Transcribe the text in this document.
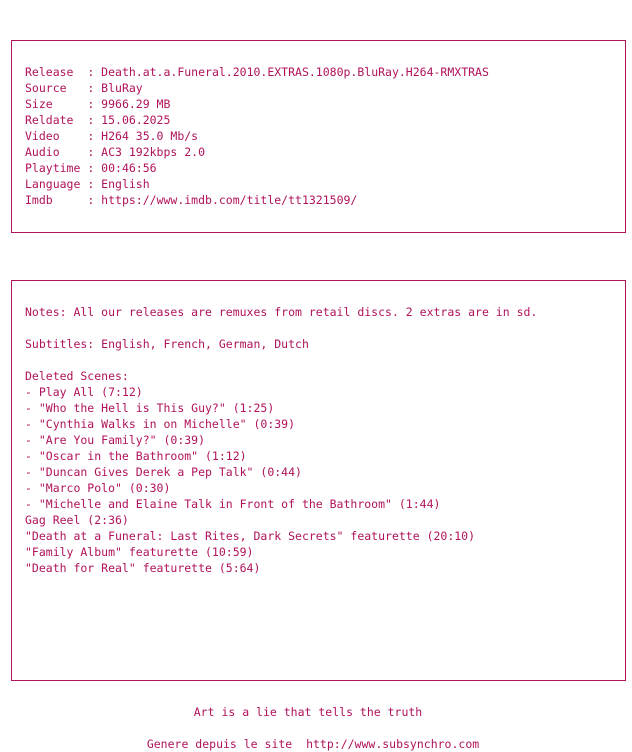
Release  : Death.at.a.Funeral.2010.EXTRAS.1080p.BluRay.H264-RMXTRAS
Source   : BluRay
Size     : 9966.29 MB
Reldate  : 15.06.2025
Video    : H264 35.0 Mb/s
Audio    : AC3 192kbps 2.0
Playtime : 00:46:56
Language : English
Imdb     : https://www.imdb.com/title/tt1321509/
Notes: All our releases are remuxes from retail discs. 2 extras are in sd.
Subtitles: English, French, German, Dutch
Deleted Scenes:
- Play All (7:12)
- "Who the Hell is This Guy?" (1:25)
- "Cynthia Walks in on Michelle" (0:39)
- "Are You Family?" (0:39)
- "Oscar in the Bathroom" (1:12)
- "Duncan Gives Derek a Pep Talk" (0:44)
- "Marco Polo" (0:30)
- "Michelle and Elaine Talk in Front of the Bathroom" (1:44)
Gag Reel (2:36)
"Death at a Funeral: Last Rites, Dark Secrets" featurette (20:10)
"Family Album" featurette (10:59)
"Death for Real" featurette (5:64)
Art is a lie that tells the truth
Genere depuis le site  http://www.subsynchro.com
